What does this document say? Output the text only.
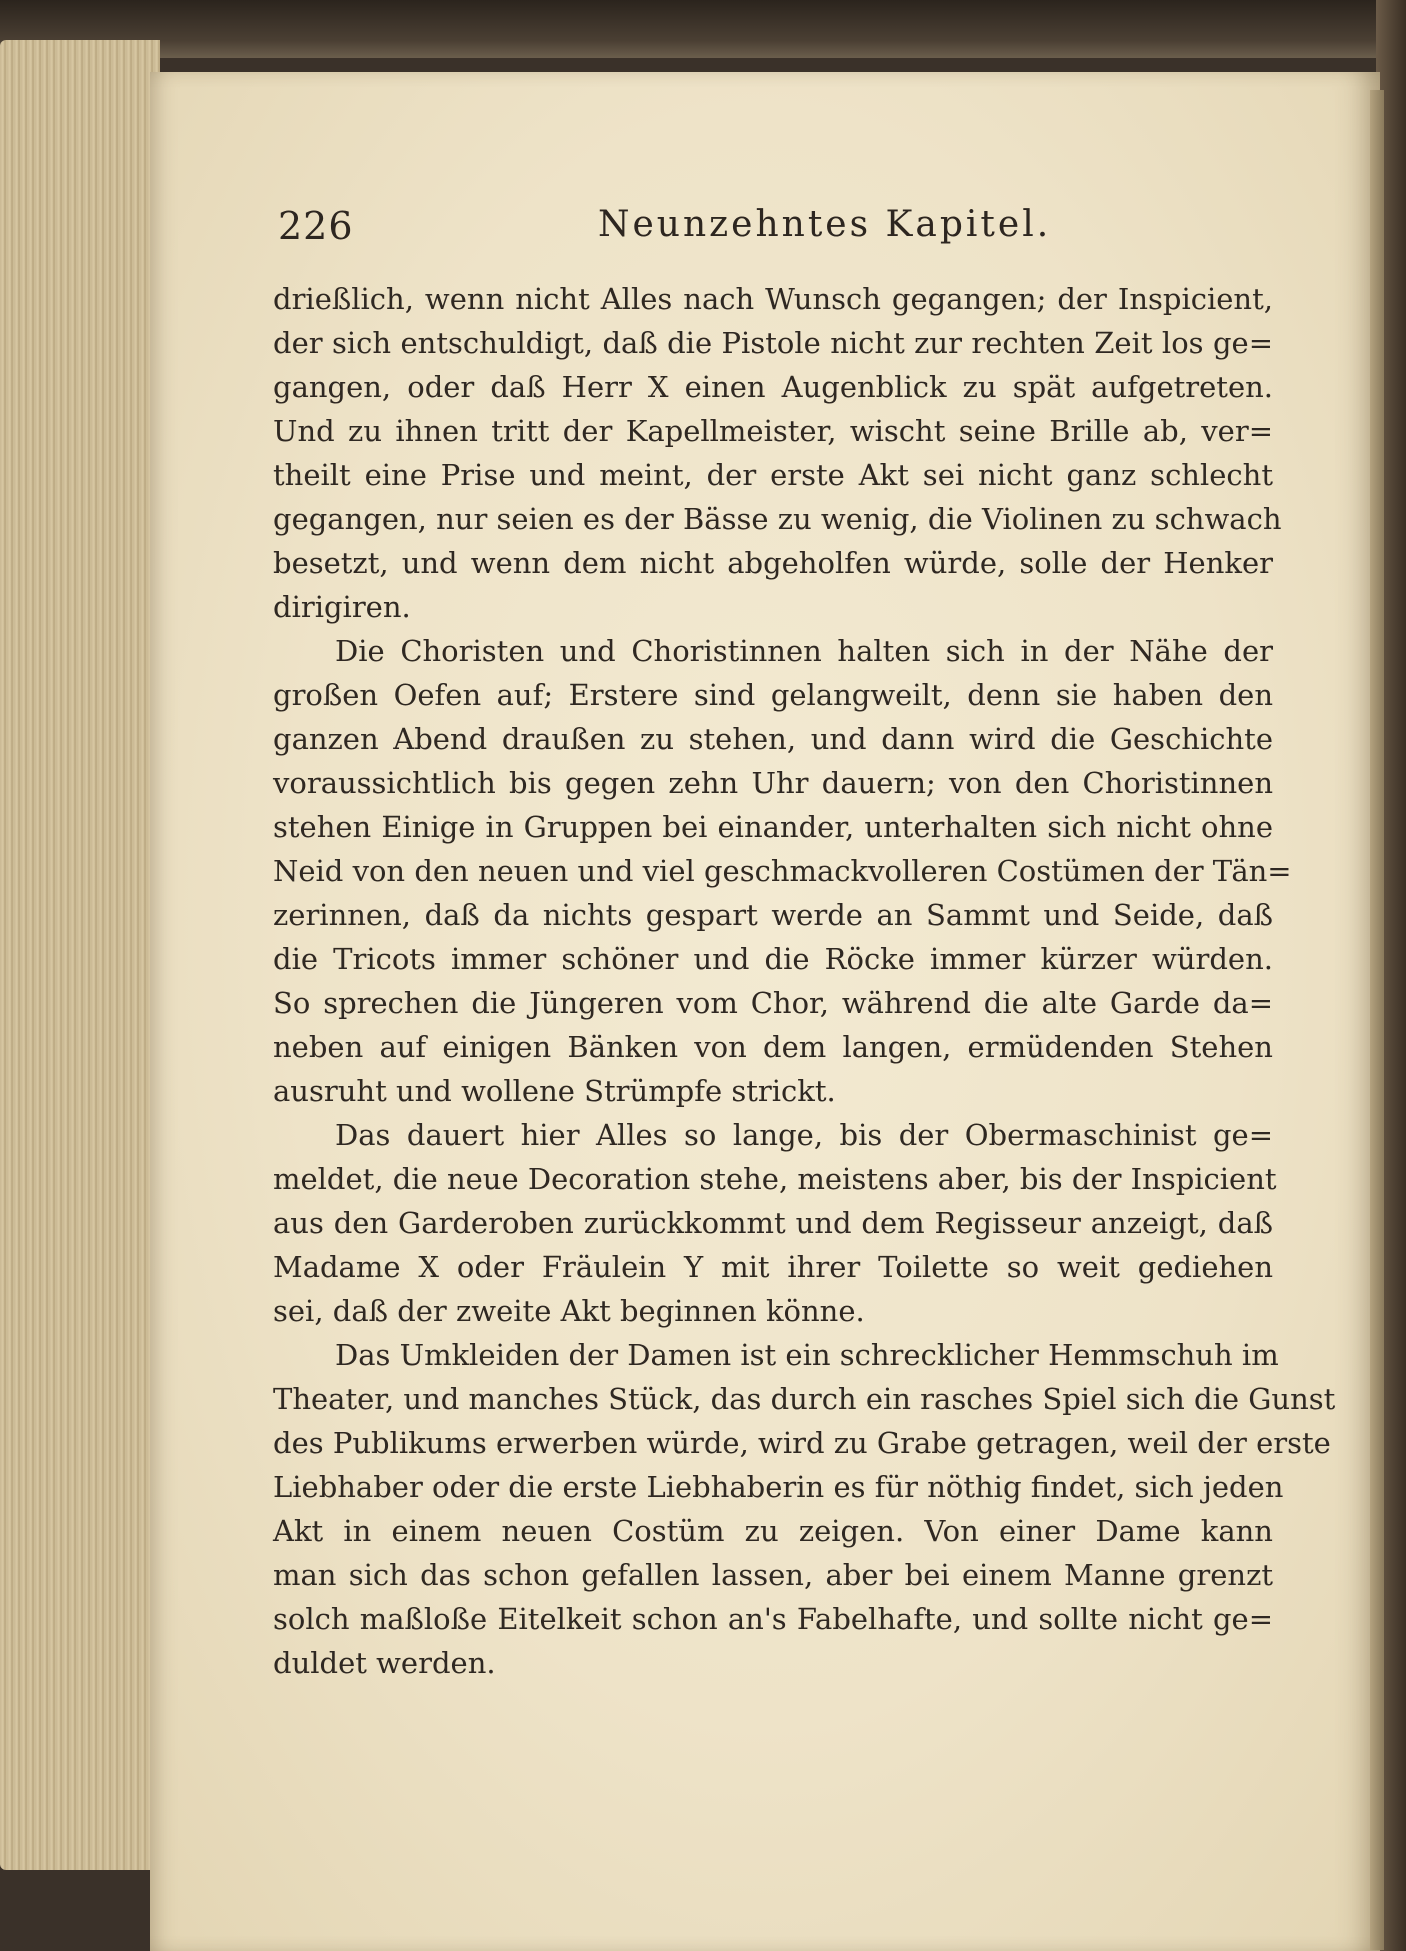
226	Neunzehntes Kapitel.
drießlich, wenn nicht Alles nach Wunsch gegangen; der Inspicient,
der sich entschuldigt, daß die Pistole nicht zur rechten Zeit los ge=
gangen, oder daß Herr X einen Augenblick zu spät aufgetreten.
Und zu ihnen tritt der Kapellmeister, wischt seine Brille ab, ver=
theilt eine Prise und meint, der erste Akt sei nicht ganz schlecht
gegangen, nur seien es der Bässe zu wenig, die Violinen zu schwach
besetzt, und wenn dem nicht abgeholfen würde, solle der Henker
dirigiren.
Die Choristen und Choristinnen halten sich in der Nähe der
großen Oefen auf; Erstere sind gelangweilt, denn sie haben den
ganzen Abend draußen zu stehen, und dann wird die Geschichte
voraussichtlich bis gegen zehn Uhr dauern; von den Choristinnen
stehen Einige in Gruppen bei einander, unterhalten sich nicht ohne
Neid von den neuen und viel geschmackvolleren Costümen der Tän=
zerinnen, daß da nichts gespart werde an Sammt und Seide, daß
die Tricots immer schöner und die Röcke immer kürzer würden.
So sprechen die Jüngeren vom Chor, während die alte Garde da=
neben auf einigen Bänken von dem langen, ermüdenden Stehen
ausruht und wollene Strümpfe strickt.
Das dauert hier Alles so lange, bis der Obermaschinist ge=
meldet, die neue Decoration stehe, meistens aber, bis der Inspicient
aus den Garderoben zurückkommt und dem Regisseur anzeigt, daß
Madame X oder Fräulein Y mit ihrer Toilette so weit gediehen
sei, daß der zweite Akt beginnen könne.
Das Umkleiden der Damen ist ein schrecklicher Hemmschuh im
Theater, und manches Stück, das durch ein rasches Spiel sich die Gunst
des Publikums erwerben würde, wird zu Grabe getragen, weil der erste
Liebhaber oder die erste Liebhaberin es für nöthig findet, sich jeden
Akt in einem neuen Costüm zu zeigen. Von einer Dame kann
man sich das schon gefallen lassen, aber bei einem Manne grenzt
solch maßloße Eitelkeit schon an's Fabelhafte, und sollte nicht ge=
duldet werden.
